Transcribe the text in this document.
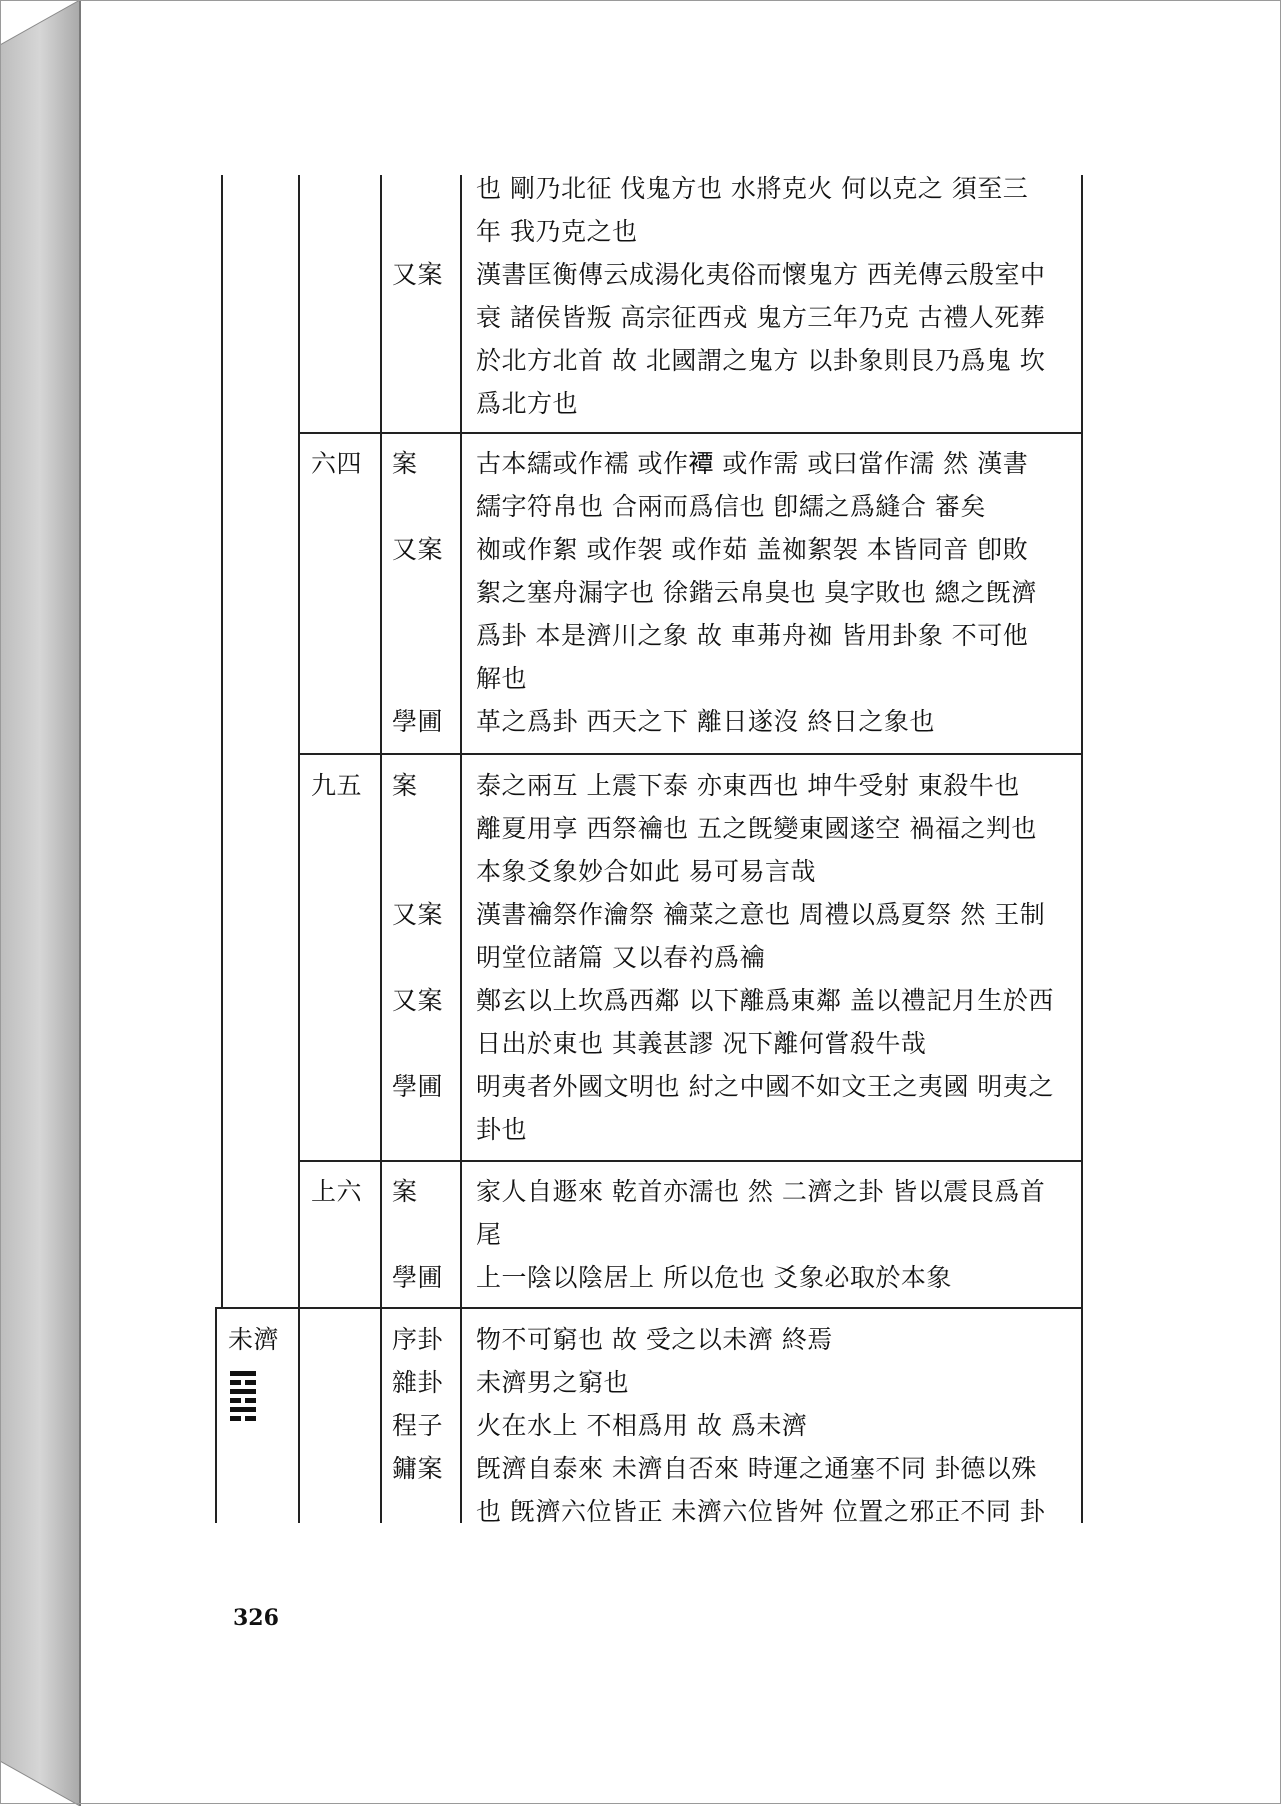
也 剛乃北征 伐鬼方也 水將克火 何以克之 須至三
年 我乃克之也
又案 漢書匡衡傳云成湯化夷俗而懷鬼方 西羌傳云殷室中
衰 諸侯皆叛 高宗征西戎 鬼方三年乃克 古禮人死葬
於北方北首 故 北國謂之鬼方 以卦象則艮乃爲鬼 坎
爲北方也
六四 案 古本繻或作襦 或作𧝓 或作需 或曰當作濡 然 漢書
繻字符帛也 合兩而爲信也 卽繻之爲縫合 審矣
又案 袽或作絮 或作袈 或作茹 盖袽絮袈 本皆同音 卽敗
絮之塞舟漏字也 徐鍇云帛臭也 臭字敗也 總之旣濟
爲卦 本是濟川之象 故 車茀舟袽 皆用卦象 不可他
解也
學圃 革之爲卦 西天之下 離日遂沒 終日之象也
九五 案 泰之兩互 上震下泰 亦東西也 坤牛受射 東殺牛也
離夏用享 西祭禴也 五之旣變東國遂空 禍福之判也
本象爻象妙合如此 易可易言哉
又案 漢書禴祭作瀹祭 禴菜之意也 周禮以爲夏祭 然 王制
明堂位諸篇 又以春礿爲禴
又案 鄭玄以上坎爲西鄰 以下離爲東鄰 盖以禮記月生於西
日出於東也 其義甚謬 况下離何嘗殺牛哉
學圃 明夷者外國文明也 紂之中國不如文王之夷國 明夷之
卦也
上六 案 家人自遯來 乾首亦濡也 然 二濟之卦 皆以震艮爲首
尾
學圃 上一陰以陰居上 所以危也 爻象必取於本象
未濟	序卦 物不可窮也 故 受之以未濟 終焉
雜卦 未濟男之窮也
程子 火在水上 不相爲用 故 爲未濟
鏞案 旣濟自泰來 未濟自否來 時運之通塞不同 卦德以殊
也 旣濟六位皆正 未濟六位皆舛 位置之邪正不同 卦
326
